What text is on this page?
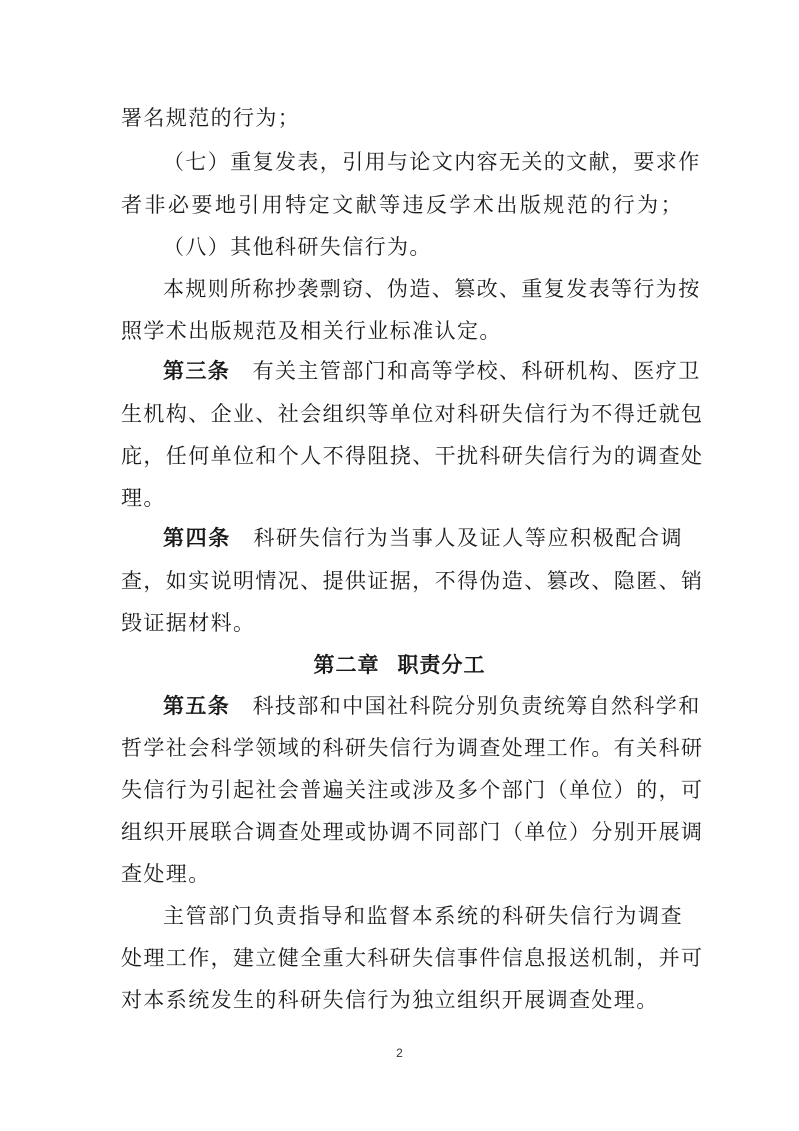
署名规范的行为；
（七）重复发表，引用与论文内容无关的文献，要求作
者非必要地引用特定文献等违反学术出版规范的行为；
（八）其他科研失信行为。
本规则所称抄袭剽窃、伪造、篡改、重复发表等行为按
照学术出版规范及相关行业标准认定。
第三条  有关主管部门和高等学校、科研机构、医疗卫
生机构、企业、社会组织等单位对科研失信行为不得迁就包
庇，任何单位和个人不得阻挠、干扰科研失信行为的调查处
理。
第四条  科研失信行为当事人及证人等应积极配合调
查，如实说明情况、提供证据，不得伪造、篡改、隐匿、销
毁证据材料。
第二章 职责分工
第五条  科技部和中国社科院分别负责统筹自然科学和
哲学社会科学领域的科研失信行为调查处理工作。有关科研
失信行为引起社会普遍关注或涉及多个部门（单位）的，可
组织开展联合调查处理或协调不同部门（单位）分别开展调
查处理。
主管部门负责指导和监督本系统的科研失信行为调查
处理工作，建立健全重大科研失信事件信息报送机制，并可
对本系统发生的科研失信行为独立组织开展调查处理。
2
